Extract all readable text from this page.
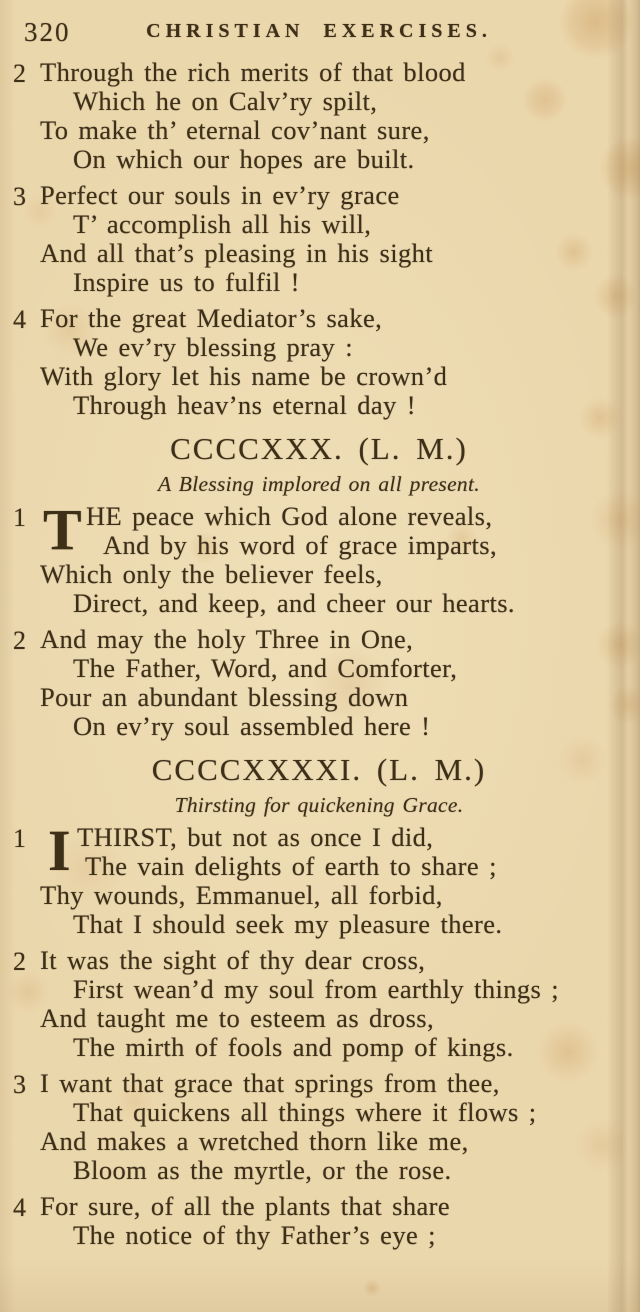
320	CHRISTIAN EXERCISES.
2 Through the rich merits of that blood
Which he on Calv’ry spilt,
To make th’ eternal cov’nant sure,
On which our hopes are built.
3 Perfect our souls in ev’ry grace
T’ accomplish all his will,
And all that’s pleasing in his sight
Inspire us to fulfil !
4 For the great Mediator’s sake,
We ev’ry blessing pray :
With glory let his name be crown’d
Through heav’ns eternal day !
CCCCXXX. (L. M.)
A Blessing implored on all present.
1 T HE peace which God alone reveals,
And by his word of grace imparts,
Which only the believer feels,
Direct, and keep, and cheer our hearts.
2 And may the holy Three in One,
The Father, Word, and Comforter,
Pour an abundant blessing down
On ev’ry soul assembled here !
CCCCXXXXI. (L. M.)
Thirsting for quickening Grace.
1 I THIRST, but not as once I did,
The vain delights of earth to share ;
Thy wounds, Emmanuel, all forbid,
That I should seek my pleasure there.
2 It was the sight of thy dear cross,
First wean’d my soul from earthly things ;
And taught me to esteem as dross,
The mirth of fools and pomp of kings.
3 I want that grace that springs from thee,
That quickens all things where it flows ;
And makes a wretched thorn like me,
Bloom as the myrtle, or the rose.
4 For sure, of all the plants that share
The notice of thy Father’s eye ;
